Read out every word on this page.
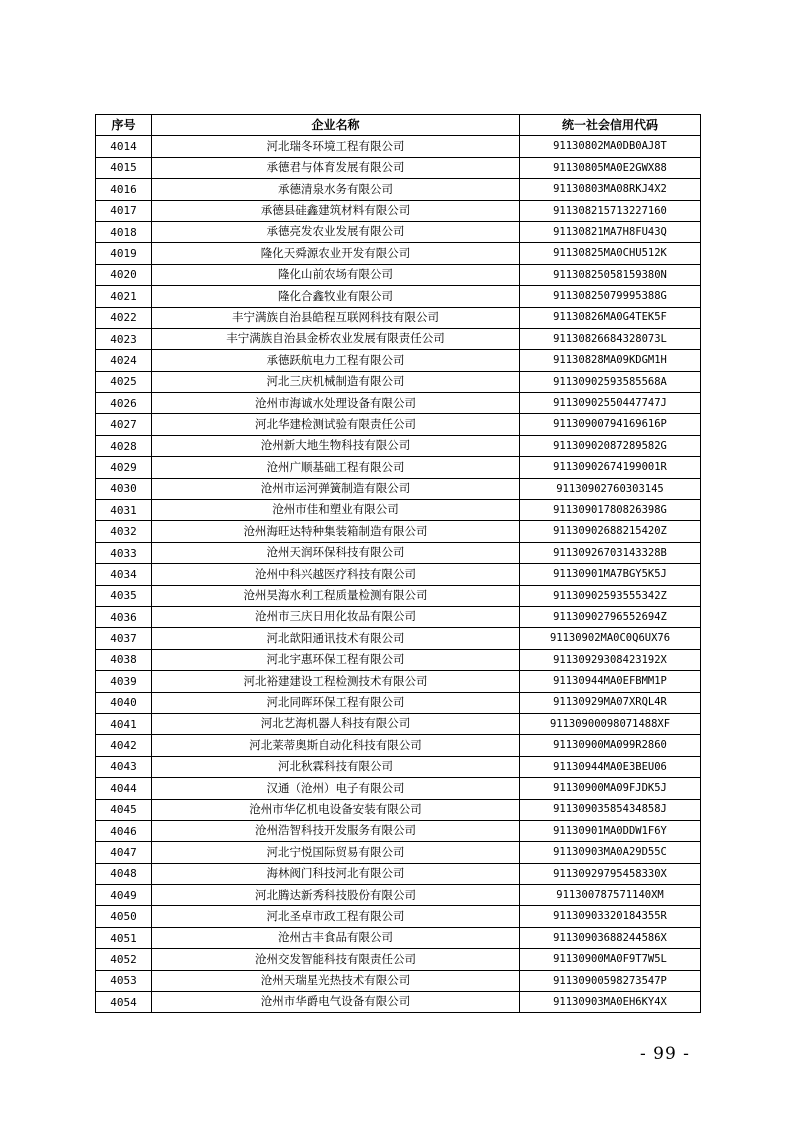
序号	企业名称	统一社会信用代码
4014	河北瑞冬环境工程有限公司	91130802MA0DB0AJ8T
4015	承德君与体育发展有限公司	91130805MA0E2GWX88
4016	承德清泉水务有限公司	91130803MA08RKJ4X2
4017	承德县硅鑫建筑材料有限公司	911308215713227160
4018	承德亮发农业发展有限公司	91130821MA7H8FU43Q
4019	隆化天舜源农业开发有限公司	91130825MA0CHU512K
4020	隆化山前农场有限公司	91130825058159380N
4021	隆化合鑫牧业有限公司	91130825079995388G
4022	丰宁满族自治县皓程互联网科技有限公司	91130826MA0G4TEK5F
4023	丰宁满族自治县金桥农业发展有限责任公司	91130826684328073L
4024	承德跃航电力工程有限公司	91130828MA09KDGM1H
4025	河北三庆机械制造有限公司	91130902593585568A
4026	沧州市海诚水处理设备有限公司	91130902550447747J
4027	河北华建检测试验有限责任公司	91130900794169616P
4028	沧州新大地生物科技有限公司	91130902087289582G
4029	沧州广顺基础工程有限公司	91130902674199001R
4030	沧州市运河弹簧制造有限公司	91130902760303145
4031	沧州市佳和塑业有限公司	91130901780826398G
4032	沧州海旺达特种集装箱制造有限公司	91130902688215420Z
4033	沧州天润环保科技有限公司	91130926703143328B
4034	沧州中科兴越医疗科技有限公司	91130901MA7BGY5K5J
4035	沧州昊海水利工程质量检测有限公司	91130902593555342Z
4036	沧州市三庆日用化妆品有限公司	91130902796552694Z
4037	河北歆阳通讯技术有限公司	91130902MA0C0Q6UX76
4038	河北宇惠环保工程有限公司	91130929308423192X
4039	河北裕建建设工程检测技术有限公司	91130944MA0EFBMM1P
4040	河北同晖环保工程有限公司	91130929MA07XRQL4R
4041	河北艺海机器人科技有限公司	91130900098071488XF
4042	河北莱蒂奥斯自动化科技有限公司	91130900MA099R2860
4043	河北秋霖科技有限公司	91130944MA0E3BEU06
4044	汉通（沧州）电子有限公司	91130900MA09FJDK5J
4045	沧州市华亿机电设备安装有限公司	91130903585434858J
4046	沧州浩智科技开发服务有限公司	91130901MA0DDW1F6Y
4047	河北宁悦国际贸易有限公司	91130903MA0A29D55C
4048	海林阀门科技河北有限公司	91130929795458330X
4049	河北腾达新秀科技股份有限公司	911300787571140XM
4050	河北圣卓市政工程有限公司	91130903320184355R
4051	沧州古丰食品有限公司	91130903688244586X
4052	沧州交发智能科技有限责任公司	91130900MA0F9T7W5L
4053	沧州天瑞星光热技术有限公司	91130900598273547P
4054	沧州市华爵电气设备有限公司	91130903MA0EH6KY4X
- 99 -
